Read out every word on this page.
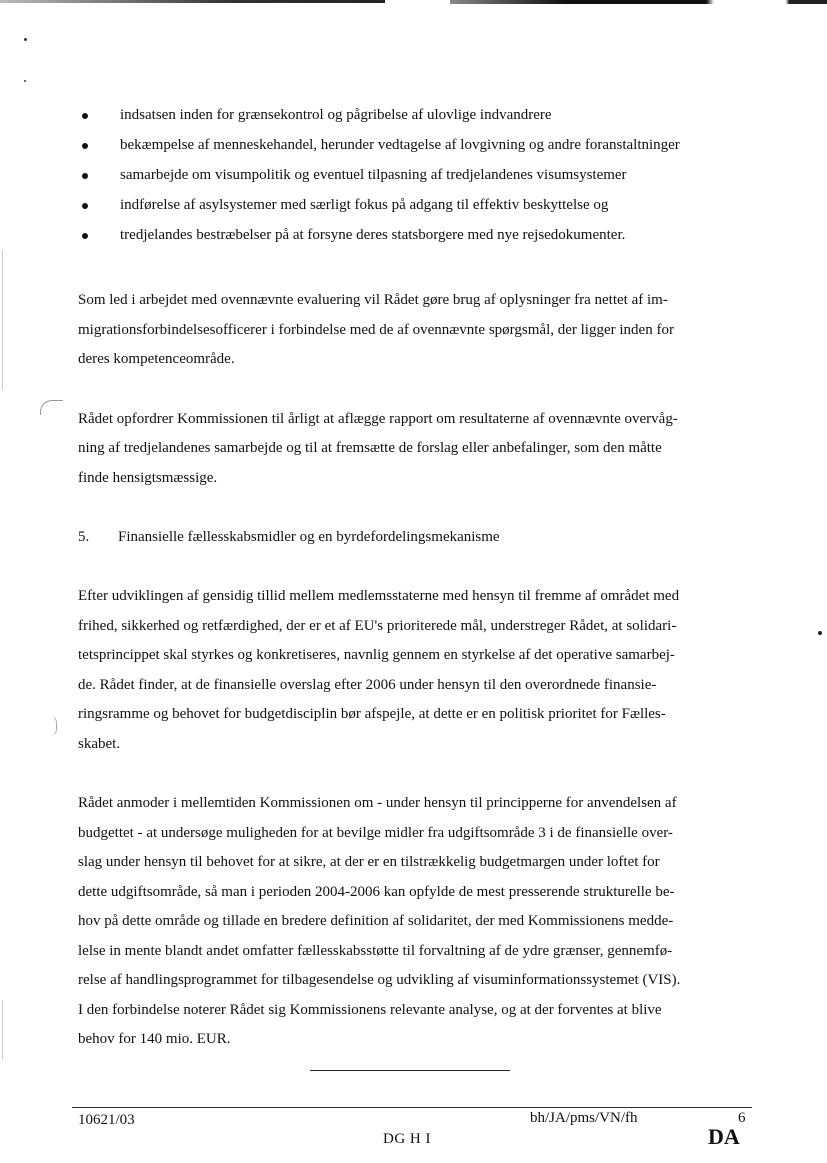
indsatsen inden for grænsekontrol og pågribelse af ulovlige indvandrere
bekæmpelse af menneskehandel, herunder vedtagelse af lovgivning og andre foranstaltninger
samarbejde om visumpolitik og eventuel tilpasning af tredjelandenes visumsystemer
indførelse af asylsystemer med særligt fokus på adgang til effektiv beskyttelse og
tredjelandes bestræbelser på at forsyne deres statsborgere med nye rejsedokumenter.

Som led i arbejdet med ovennævnte evaluering vil Rådet gøre brug af oplysninger fra nettet af im-
migrationsforbindelsesofficerer i forbindelse med de af ovennævnte spørgsmål, der ligger inden for
deres kompetenceområde.

Rådet opfordrer Kommissionen til årligt at aflægge rapport om resultaterne af ovennævnte overvåg-
ning af tredjelandenes samarbejde og til at fremsætte de forslag eller anbefalinger, som den måtte
finde hensigtsmæssige.

5. Finansielle fællesskabsmidler og en byrdefordelingsmekanisme

Efter udviklingen af gensidig tillid mellem medlemsstaterne med hensyn til fremme af området med
frihed, sikkerhed og retfærdighed, der er et af EU's prioriterede mål, understreger Rådet, at solidari-
tetsprincippet skal styrkes og konkretiseres, navnlig gennem en styrkelse af det operative samarbej-
de. Rådet finder, at de finansielle overslag efter 2006 under hensyn til den overordnede finansie-
ringsramme og behovet for budgetdisciplin bør afspejle, at dette er en politisk prioritet for Fælles-
skabet.

Rådet anmoder i mellemtiden Kommissionen om - under hensyn til principperne for anvendelsen af
budgettet - at undersøge muligheden for at bevilge midler fra udgiftsområde 3 i de finansielle over-
slag under hensyn til behovet for at sikre, at der er en tilstrækkelig budgetmargen under loftet for
dette udgiftsområde, så man i perioden 2004-2006 kan opfylde de mest presserende strukturelle be-
hov på dette område og tillade en bredere definition af solidaritet, der med Kommissionens medde-
lelse in mente blandt andet omfatter fællesskabsstøtte til forvaltning af de ydre grænser, gennemfø-
relse af handlingsprogrammet for tilbagesendelse og udvikling af visuminformationssystemet (VIS).
I den forbindelse noterer Rådet sig Kommissionens relevante analyse, og at der forventes at blive
behov for 140 mio. EUR.

10621/03	bh/JA/pms/VN/fh	6
DG H I	DA
